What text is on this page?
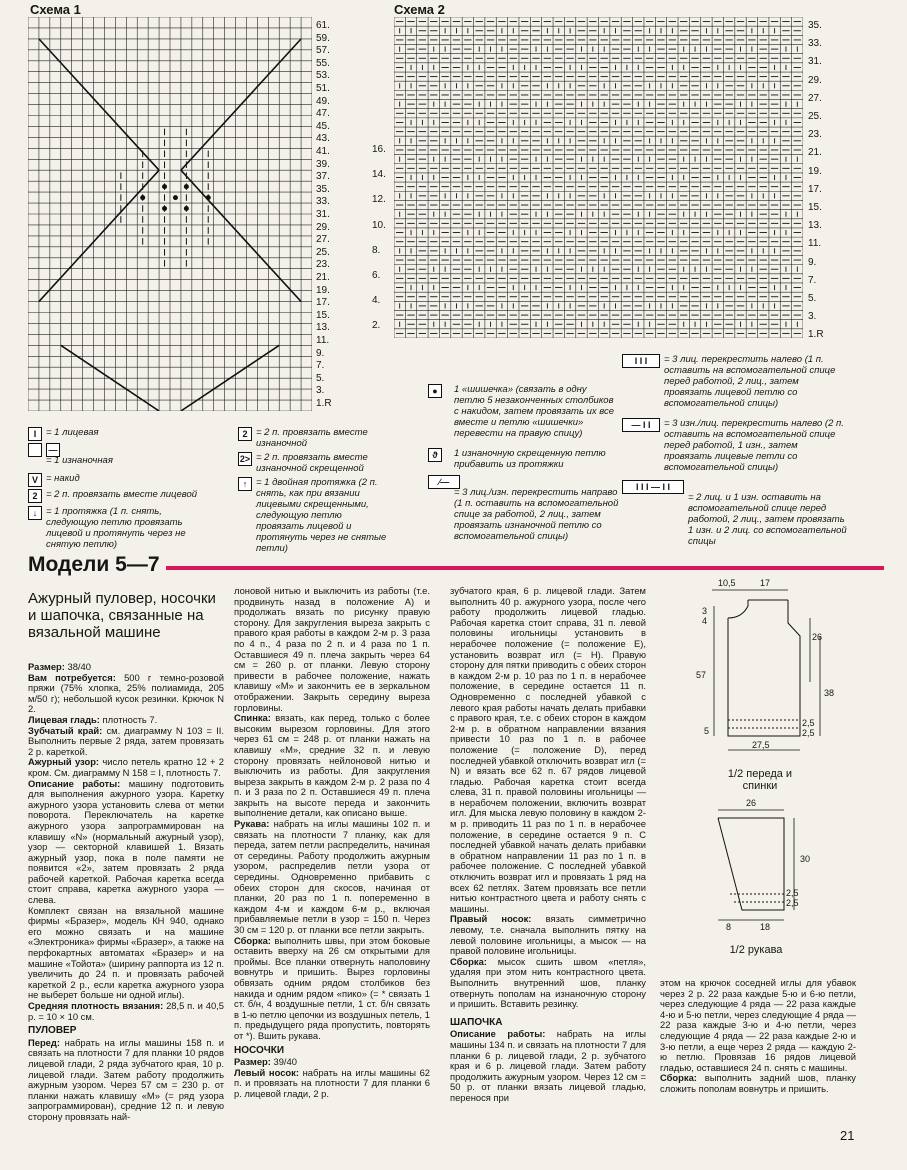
Схема 1
61.
59.
57.
55.
53.
51.
49.
47.
45.
43.
41.
39.
37.
35.
33.
31.
29.
27.
25.
23.
21.
19.
17.
15.
13.
11.
9.
7.
5.
3.
1.R
Схема 2
35.
33.
31.
29.
27.
25.
23.
21.
19.
17.
15.
13.
11.
9.
7.
5.
3.
1.R
16.
14.
12.
10.
8.
6.
4.
2.
I	= 1 лицевая
—
= 1 изнаночная
V = накид
2 = 2 п. провязать вместе лицевой
↓ = 1 протяжка (1 п. снять, следующую петлю провязать лицевой и протянуть через не снятую петлю)
2 = 2 п. провязать вместе изнаночной
2> = 2 п. провязать вместе изнаночной скрещенной
↑ = 1 двойная протяжка (2 п. снять, как при вязании лицевыми скрещенными, следующую петлю провязать лицевой и протянуть через не снятые петли)
●	1 «шишечка» (связать в одну петлю 5 незаконченных столбиков с накидом, затем провязать их все вместе и петлю «шишечки» перевести на правую спицу)
ϑ	1 изнаночную скрещенную петлю прибавить из протяжки
∕—
= 3 лиц./изн. перекрестить направо (1 п. оставить на вспомогательной спице за работой, 2 лиц., затем провязать изнаночной петлю со вспомогательной спицы)
I I I	= 3 лиц. перекрестить налево (1 п. оставить на вспомогательной спице перед работой, 2 лиц., затем провязать лицевой петлю со вспомогательной спицы)
— I I	= 3 изн./лиц. перекрестить налево (2 п. оставить на вспомогательной спице перед работой, 1 изн., затем провязать лицевые петли со вспомогательной спицы)
I I I — I I
= 2 лиц. и 1 изн. оставить на вспомогательной спице перед работой, 2 лиц., затем провязать 1 изн. и 2 лиц. со вспомогательной спицы
Модели 5—7
Ажурный пуловер, носочки и шапочка, связанные на вязальной машине

Размер: 38/40

Вам потребуется: 500 г темно-розовой пряжи (75% хлопка, 25% полиамида, 205 м/50 г); небольшой кусок резинки. Крючок N 2.

Лицевая гладь: плотность 7.

Зубчатый край: см. диаграмму N 103 = II. Выполнить первые 2 ряда, затем провязать 2 р. кареткой.

Ажурный узор: число петель кратно 12 + 2 кром. См. диаграмму N 158 = I, плотность 7.

Описание работы: машину подготовить для выполнения ажурного узора. Каретку ажурного узора установить слева от метки поворота. Переключатель на каретке ажурного узора запрограммирован на клавишу «N» (нормальный ажурный узор), узор — секторной клавишей 1. Вязать ажурный узор, пока в поле памяти не появится «2», затем провязать 2 ряда рабочей кареткой. Рабочая каретка всегда стоит справа, каретка ажурного узора — слева.

Комплект связан на вязальной машине фирмы «Бразер», модель КН 940, однако его можно связать и на машине «Электроника» фирмы «Бразер», а также на перфокартных автоматах «Бразер» и на машине «Тойота» (ширину раппорта из 12 п. увеличить до 24 п. и провязать рабочей кареткой 2 р., если каретка ажурного узора не выберет больше ни одной иглы).

Средняя плотность вязания: 28,5 п. и 40,5 р. = 10 × 10 см.

ПУЛОВЕР

Перед: набрать на иглы машины 158 п. и связать на плотности 7 для планки 10 рядов лицевой глади, 2 ряда зубчатого края, 10 р. лицевой глади. Затем работу продолжить ажурным узором. Через 57 см = 230 р. от планки нажать клавишу «М» (= ряд узора запрограммирован), средние 12 п. и левую сторону провязать най-

лоновой нитью и выключить из работы (т.е. продвинуть назад в положение А) и продолжать вязать по рисунку правую сторону. Для закругления выреза закрыть с правого края работы в каждом 2-м р. 3 раза по 4 п., 4 раза по 2 п. и 4 раза по 1 п. Оставшиеся 49 п. плеча закрыть через 64 см = 260 р. от планки. Левую сторону привести в рабочее положение, нажать клавишу «М» и закончить ее в зеркальном отображении. Закрыть середину выреза горловины.

Спинка: вязать, как перед, только с более высоким вырезом горловины. Для этого через 61 см = 248 р. от планки нажать на клавишу «М», средние 32 п. и левую сторону провязать нейлоновой нитью и выключить из работы. Для закругления выреза закрыть в каждом 2-м р. 2 раза по 4 п. и 3 раза по 2 п. Оставшиеся 49 п. плеча закрыть на высоте переда и закончить выполнение детали, как описано выше.

Рукава: набрать на иглы машины 102 п. и связать на плотности 7 планку, как для переда, затем петли распределить, начиная от середины. Работу продолжить ажурным узором, распределив петли узора от середины. Одновременно прибавить с обеих сторон для скосов, начиная от планки, 20 раз по 1 п. попеременно в каждом 4-м и каждом 6-м р., включая прибавляемые петли в узор = 150 п. Через 30 см = 120 р. от планки все петли закрыть.

Сборка: выполнить швы, при этом боковые оставить вверху на 26 см открытыми для проймы. Все планки отвернуть наполовину вовнутрь и пришить. Вырез горловины обвязать одним рядом столбиков без накида и одним рядом «пико» (= * связать 1 ст. б/н, 4 воздушные петли, 1 ст. б/н связать в 1-ю петлю цепочки из воздушных петель, 1 п. предыдущего ряда пропустить, повторять от *). Вшить рукава.

НОСОЧКИ

Размер: 39/40

Левый носок: набрать на иглы машины 62 п. и провязать на плотности 7 для планки 6 р. лицевой глади, 2 р.

зубчатого края, 6 р. лицевой глади. Затем выполнить 40 р. ажурного узора, после чего работу продолжить лицевой гладью. Рабочая каретка стоит справа, 31 п. левой половины игольницы установить в нерабочее положение (= положение Е), установить возврат игл (= Н). Правую сторону для пятки приводить с обеих сторон в каждом 2-м р. 10 раз по 1 п. в нерабочее положение, в середине остается 11 п. Одновременно с последней убавкой с левого края работы начать делать прибавки с правого края, т.е. с обеих сторон в каждом 2-м р. в обратном направлении вязания привести 10 раз по 1 п. в рабочее положение (= положение D), перед последней убавкой отключить возврат игл (= N) и вязать все 62 п. 67 рядов лицевой гладью. Рабочая каретка стоит всегда слева, 31 п. правой половины игольницы — в нерабочем положении, включить возврат игл. Для мыска левую половину в каждом 2-м р. приводить 11 раз по 1 п. в нерабочее положение, в середине остается 9 п. С последней убавкой начать делать прибавки в обратном направлении 11 раз по 1 п. в рабочее положение. С последней убавкой отключить возврат игл и провязать 1 ряд на всех 62 петлях. Затем провязать все петли нитью контрастного цвета и работу снять с машины.

Правый носок: вязать симметрично левому, т.е. сначала выполнить пятку на левой половине игольницы, а мысок — на правой половине игольницы.

Сборка: мысок сшить швом «петля», удаляя при этом нить контрастного цвета. Выполнить внутренний шов, планку отвернуть пополам на изнаночную сторону и пришить. Вставить резинку.

ШАПОЧКА

Описание работы: набрать на иглы машины 134 п. и связать на плотности 7 для планки 6 р. лицевой глади, 2 р. зубчатого края и 6 р. лицевой глади. Затем работу продолжить ажурным узором. Через 12 см = 50 р. от планки вязать лицевой гладью, перенося при

этом на крючок соседней иглы для убавок через 2 р. 22 раза каждые 5-ю и 6-ю петли, через следующие 4 ряда — 22 раза каждые 4-ю и 5-ю петли, через следующие 4 ряда — 22 раза каждые 3-ю и 4-ю петли, через следующие 4 ряда — 22 раза каждые 2-ю и 3-ю петли, а еще через 2 ряда — каждую 2-ю петлю. Провязав 16 рядов лицевой гладью, оставшиеся 24 п. снять с машины.

Сборка: выполнить задний шов, планку сложить пополам вовнутрь и пришить.

10,5	17
3
4
26
57
38
2,5
5	2,5
27,5
1/2 переда и спинки
26
30
2,5
2,5
8	18
1/2 рукава
21
